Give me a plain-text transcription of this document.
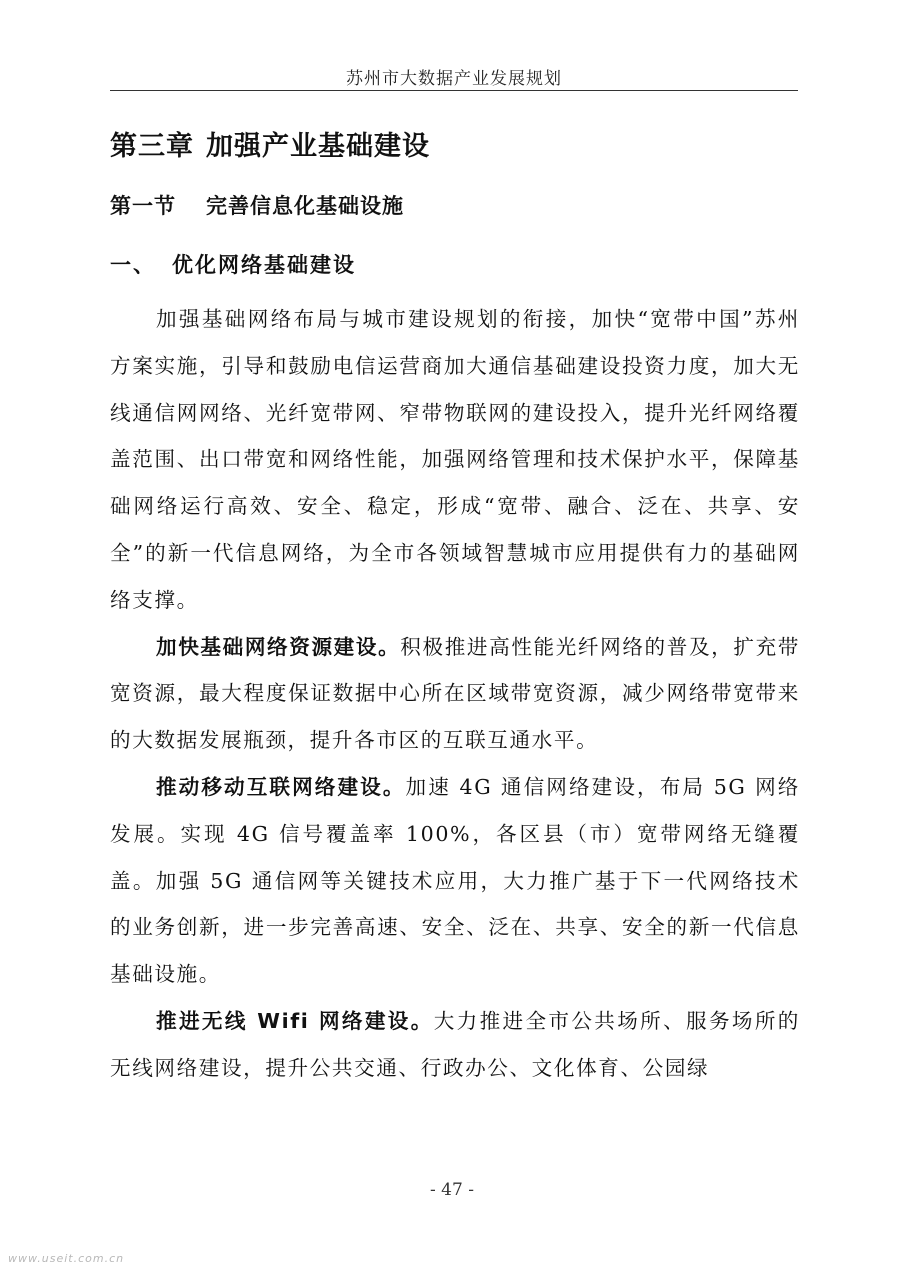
苏州市大数据产业发展规划
第三章 加强产业基础建设
第一节 完善信息化基础设施
一、 优化网络基础建设

加强基础网络布局与城市建设规划的衔接，加快“宽带中国”苏州方案实施，引导和鼓励电信运营商加大通信基础建设投资力度，加大无线通信网网络、光纤宽带网、窄带物联网的建设投入，提升光纤网络覆盖范围、出口带宽和网络性能，加强网络管理和技术保护水平，保障基础网络运行高效、安全、稳定，形成“宽带、融合、泛在、共享、安全”的新一代信息网络，为全市各领域智慧城市应用提供有力的基础网络支撑。

加快基础网络资源建设。积极推进高性能光纤网络的普及，扩充带宽资源，最大程度保证数据中心所在区域带宽资源，减少网络带宽带来的大数据发展瓶颈，提升各市区的互联互通水平。

推动移动互联网络建设。加速 4G 通信网络建设，布局 5G 网络发展。实现 4G 信号覆盖率 100%，各区县（市）宽带网络无缝覆盖。加强 5G 通信网等关键技术应用，大力推广基于下一代网络技术的业务创新，进一步完善高速、安全、泛在、共享、安全的新一代信息基础设施。

推进无线 Wifi 网络建设。大力推进全市公共场所、服务场所的无线网络建设，提升公共交通、行政办公、文化体育、公园绿

- 47 -
www.useit.com.cn
